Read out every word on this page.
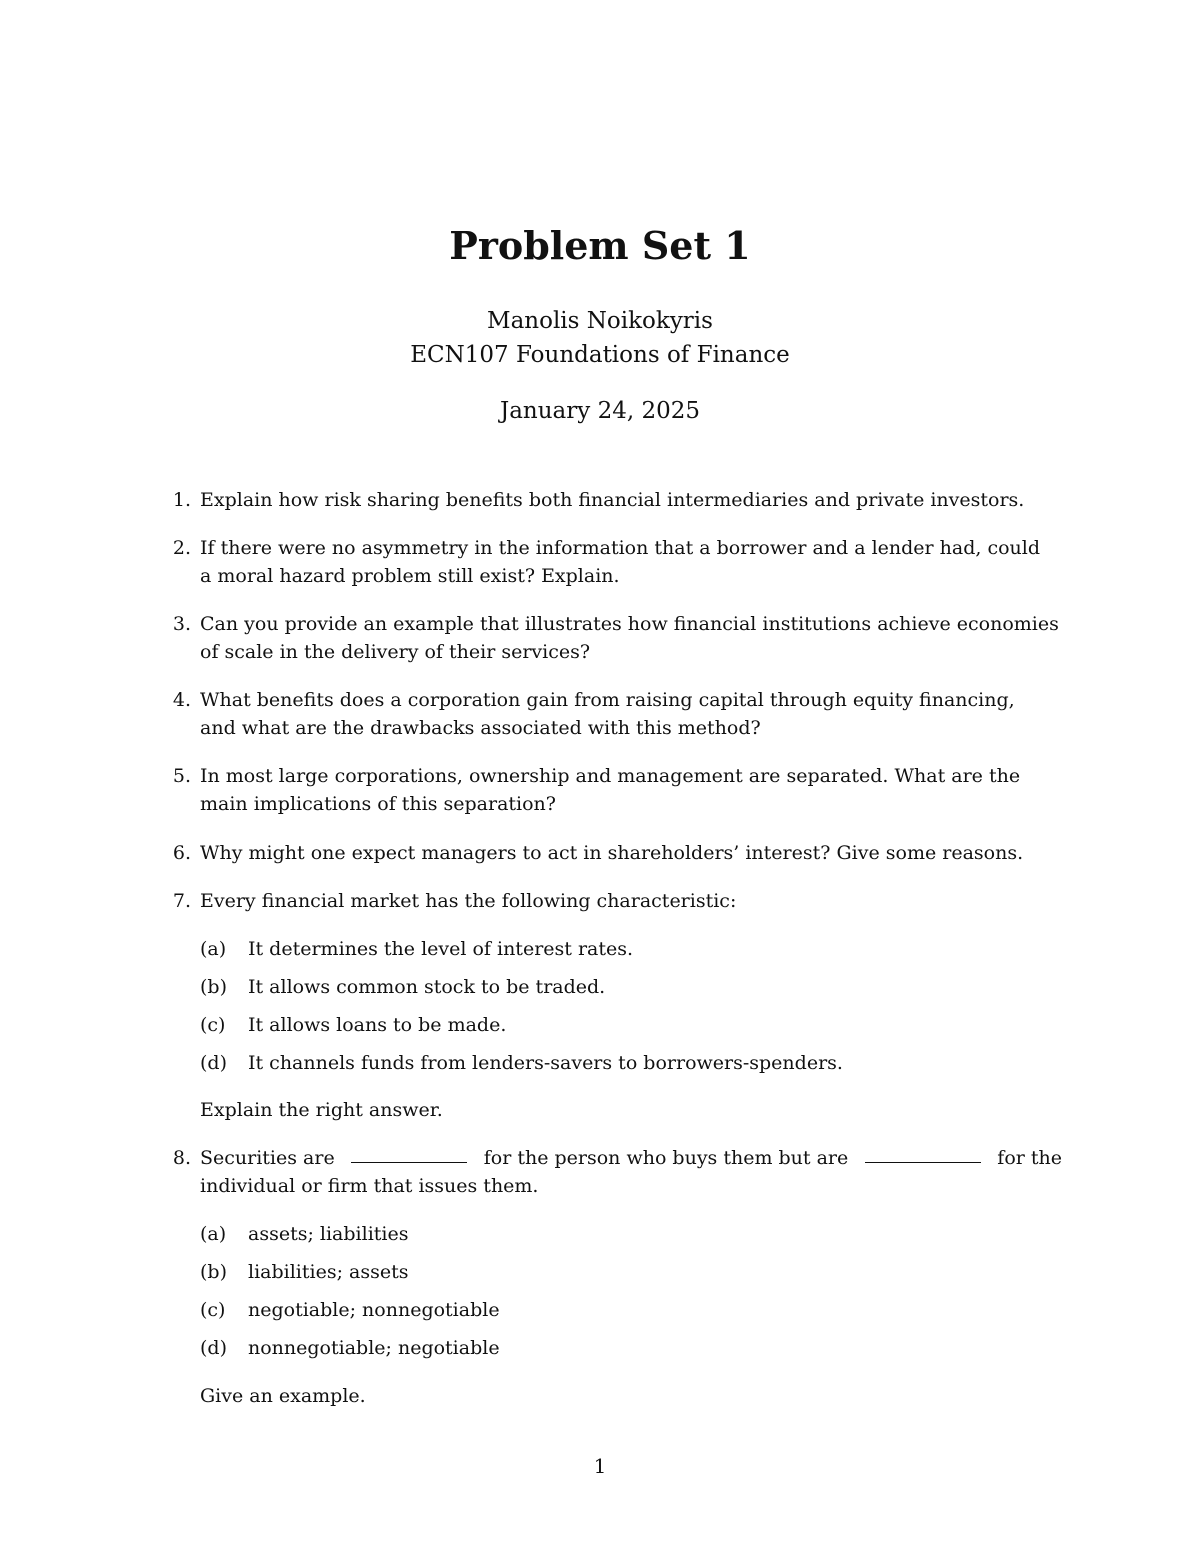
Problem Set 1
Manolis Noikokyris
ECN107 Foundations of Finance
January 24, 2025
1. Explain how risk sharing benefits both financial intermediaries and private investors.
2. If there were no asymmetry in the information that a borrower and a lender had, could
a moral hazard problem still exist? Explain.
3. Can you provide an example that illustrates how financial institutions achieve economies
of scale in the delivery of their services?
4. What benefits does a corporation gain from raising capital through equity financing,
and what are the drawbacks associated with this method?
5. In most large corporations, ownership and management are separated. What are the
main implications of this separation?
6. Why might one expect managers to act in shareholders’ interest? Give some reasons.
7. Every financial market has the following characteristic:
(a)	It determines the level of interest rates.
(b)	It allows common stock to be traded.
(c)	It allows loans to be made.
(d)	It channels funds from lenders-savers to borrowers-spenders.
Explain the right answer.
8. Securities are	for the person who buys them but are	for the
individual or firm that issues them.
(a)	assets; liabilities
(b)	liabilities; assets
(c)	negotiable; nonnegotiable
(d)	nonnegotiable; negotiable
Give an example.
1
